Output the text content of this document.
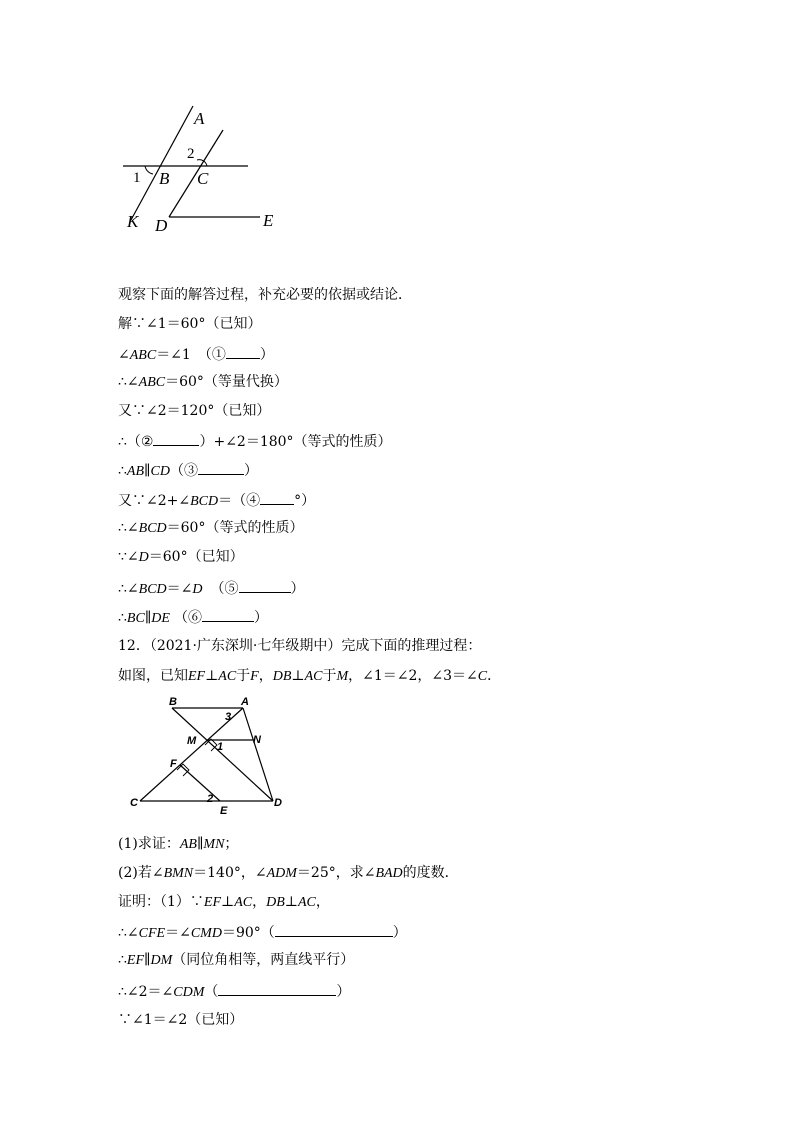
A
2
1 B C
K D	E
观察下面的解答过程，补充必要的依据或结论．
解∵∠1＝60°（已知）
∠ABC＝∠1　（① ）
∴∠ABC＝60°（等量代换）
又∵∠2＝120°（已知）
∴（②	）+∠2＝180°（等式的性质）
∴AB∥CD（③	）
又∵∠2+∠BCD＝（④ °）
∴∠BCD＝60°（等式的性质）
∵∠D＝60°（已知）
∴∠BCD＝∠D （⑤	）
∴BC∥DE （⑥	）
12．（2021·广东深圳·七年级期中）完成下面的推理过程：
如图，已知EF⊥AC于F，DB⊥AC于M，∠1＝∠2，∠3＝∠C．
B	A
3
M	N
1
F
C	2
E
D
(1)求证：AB∥MN；
(2)若∠BMN＝140°，∠ADM＝25°，求∠BAD的度数．
证明：（1）∵EF⊥AC，DB⊥AC，
∴∠CFE＝∠CMD＝90°（	）
∴EF∥DM（同位角相等，两直线平行）
∴∠2＝∠CDM（	）
∵∠1＝∠2（已知）
